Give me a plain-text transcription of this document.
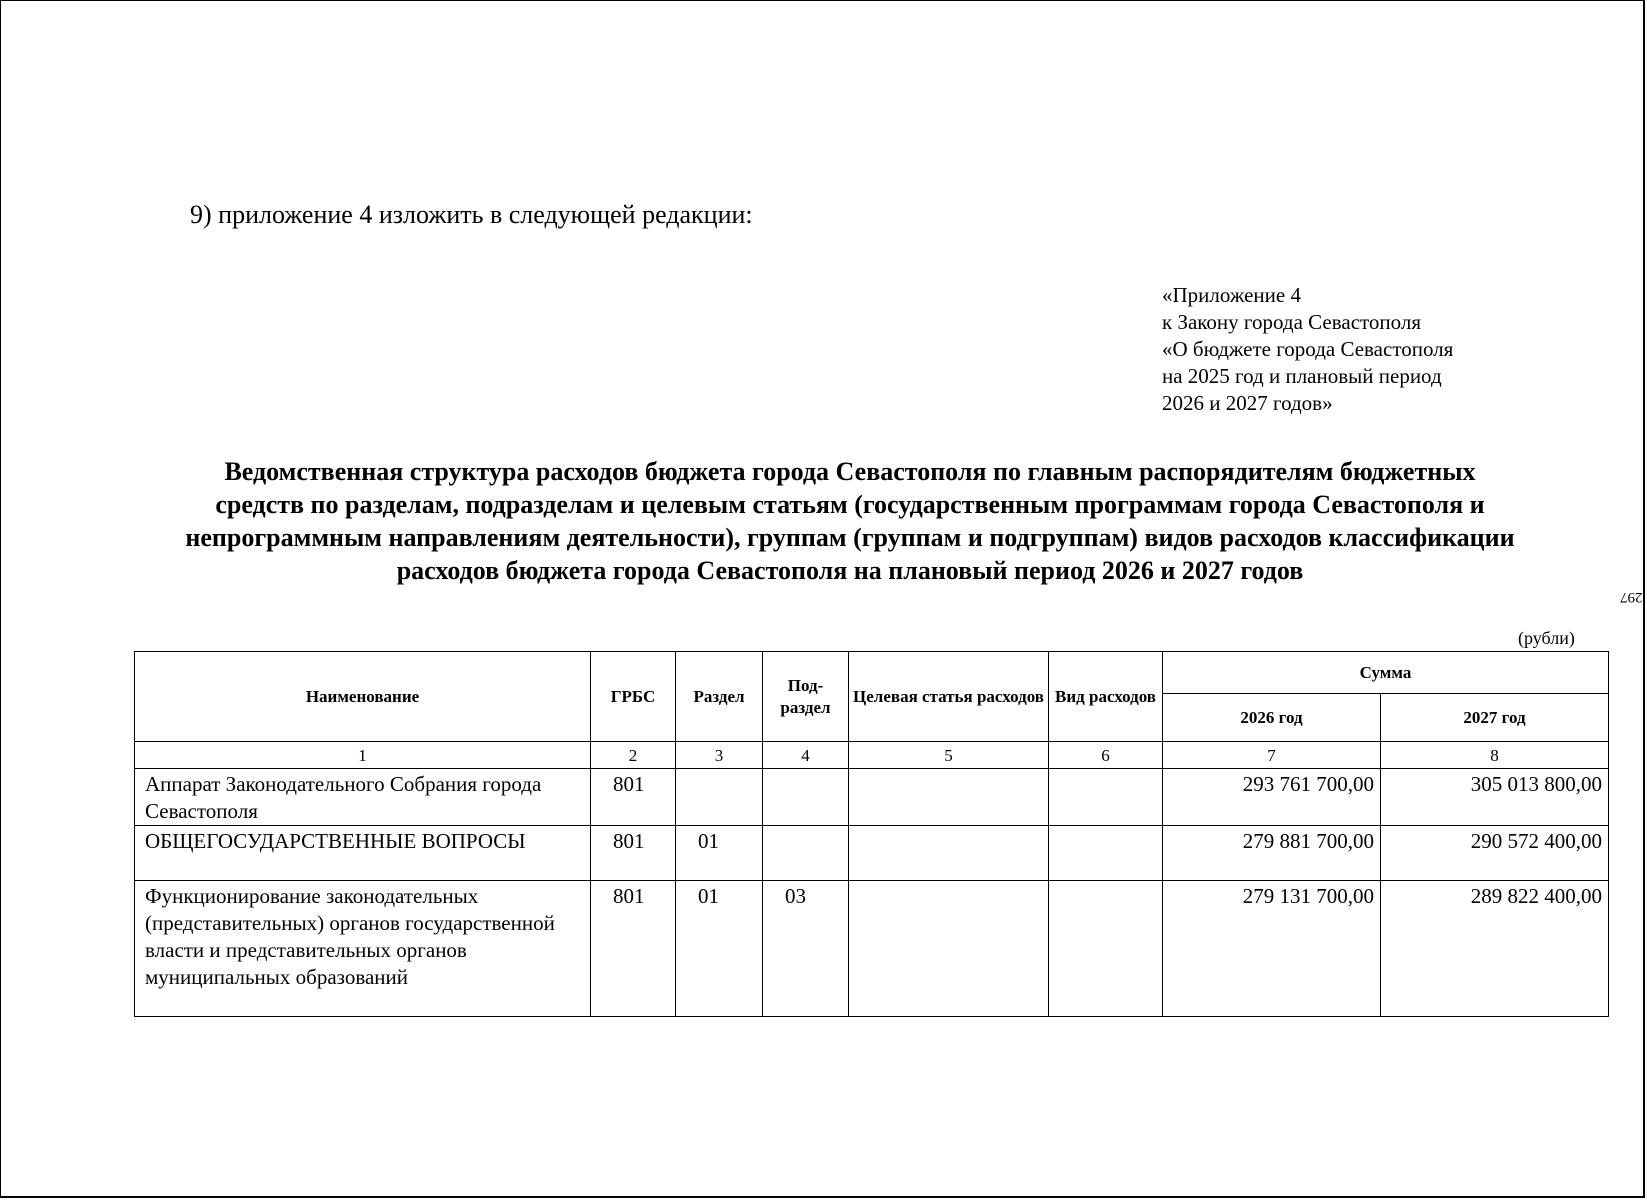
9) приложение 4 изложить в следующей редакции:
«Приложение 4
к Закону города Севастополя
«О бюджете города Севастополя
на 2025 год и плановый период
2026 и 2027 годов»
Ведомственная структура расходов бюджета города Севастополя по главным распорядителям бюджетных
средств по разделам, подразделам и целевым статьям (государственным программам города Севастополя и
непрограммным направлениям деятельности), группам (группам и подгруппам) видов расходов классификации
расходов бюджета города Севастополя на плановый период 2026 и 2027 годов
297
(рубли)
Наименование	ГРБС	Раздел	Под-раздел	Целевая статья расходов	Вид расходов	Сумма	
						2026 год	2027 год
1	2	3	4	5	6	7	8
Аппарат Законодательного Собрания города Севастополя	801					293 761 700,00	305 013 800,00
ОБЩЕГОСУДАРСТВЕННЫЕ ВОПРОСЫ	801	01				279 881 700,00	290 572 400,00
Функционирование законодательных (представительных) органов государственной власти и представительных органов муниципальных образований	801	01	03			279 131 700,00	289 822 400,00
